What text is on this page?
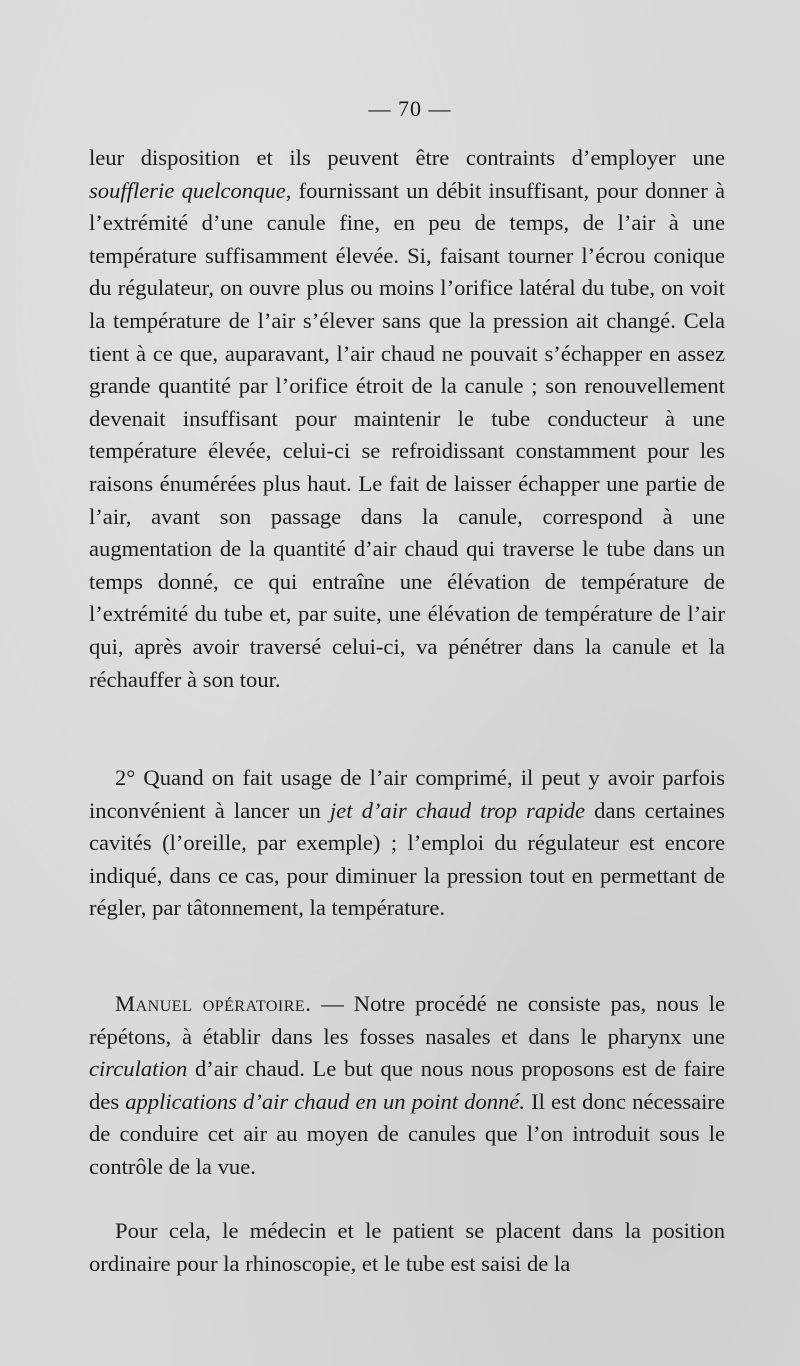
— 70 —

leur disposition et ils peuvent être contraints d’employer une soufflerie quelconque, fournissant un débit insuffisant, pour donner à l’extrémité d’une canule fine, en peu de temps, de l’air à une température suffisamment élevée. Si, faisant tourner l’écrou conique du régulateur, on ouvre plus ou moins l’orifice latéral du tube, on voit la température de l’air s’élever sans que la pression ait changé. Cela tient à ce que, auparavant, l’air chaud ne pouvait s’échapper en assez grande quantité par l’orifice étroit de la canule ; son renouvellement devenait insuffisant pour maintenir le tube conducteur à une température élevée, celui-ci se refroidissant constamment pour les raisons énumérées plus haut. Le fait de laisser échapper une partie de l’air, avant son passage dans la canule, correspond à une augmentation de la quantité d’air chaud qui traverse le tube dans un temps donné, ce qui entraîne une élévation de température de l’extrémité du tube et, par suite, une élévation de température de l’air qui, après avoir traversé celui-ci, va pénétrer dans la canule et la réchauffer à son tour.

2° Quand on fait usage de l’air comprimé, il peut y avoir parfois inconvénient à lancer un jet d’air chaud trop rapide dans certaines cavités (l’oreille, par exemple) ; l’emploi du régulateur est encore indiqué, dans ce cas, pour diminuer la pression tout en permettant de régler, par tâtonnement, la température.

Manuel opératoire. — Notre procédé ne consiste pas, nous le répétons, à établir dans les fosses nasales et dans le pharynx une circulation d’air chaud. Le but que nous nous proposons est de faire des applications d’air chaud en un point donné. Il est donc nécessaire de conduire cet air au moyen de canules que l’on introduit sous le contrôle de la vue.

Pour cela, le médecin et le patient se placent dans la position ordinaire pour la rhinoscopie, et le tube est saisi de la
